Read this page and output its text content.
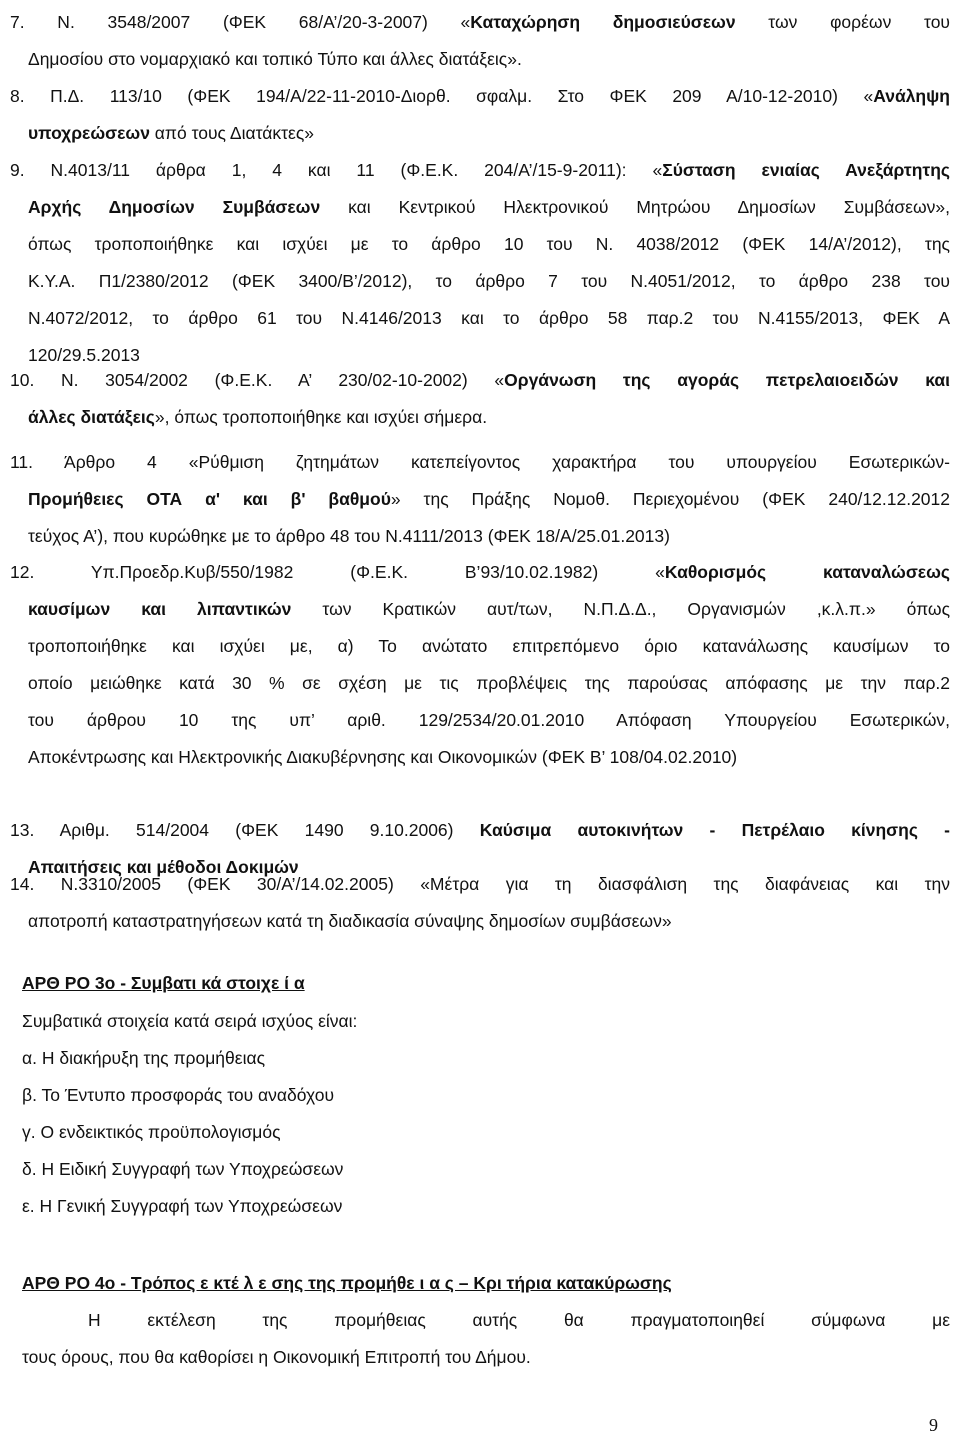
7. Ν. 3548/2007 (ΦΕΚ 68/Α’/20-3-2007) «Καταχώρηση δημοσιεύσεων των φορέων του
Δημοσίου στο νομαρχιακό και τοπικό Τύπο και άλλες διατάξεις».
8. Π.Δ. 113/10 (ΦΕΚ 194/Α/22-11-2010-Διορθ. σφαλμ. Στο ΦΕΚ 209 Α/10-12-2010) «Ανάληψη
υποχρεώσεων από τους Διατάκτες»
9. Ν.4013/11 άρθρα 1, 4 και 11 (Φ.Ε.Κ. 204/Α’/15-9-2011): «Σύσταση ενιαίας Ανεξάρτητης
Αρχής Δημοσίων Συμβάσεων και Κεντρικού Ηλεκτρονικού Μητρώου Δημοσίων Συμβάσεων»,
όπως τροποποιήθηκε και ισχύει με το άρθρο 10 του Ν. 4038/2012 (ΦΕΚ 14/Α’/2012), της
Κ.Υ.Α. Π1/2380/2012 (ΦΕΚ 3400/Β’/2012), το άρθρο 7 του Ν.4051/2012, το άρθρο 238 του
Ν.4072/2012, το άρθρο 61 του Ν.4146/2013 και το άρθρο 58 παρ.2 του Ν.4155/2013, ΦΕΚ Α
120/29.5.2013
10. Ν. 3054/2002 (Φ.Ε.Κ. Α’ 230/02-10-2002) «Οργάνωση της αγοράς πετρελαιοειδών και
άλλες διατάξεις», όπως τροποποιήθηκε και ισχύει σήμερα.
11. Άρθρο 4 «Ρύθμιση ζητημάτων κατεπείγοντος χαρακτήρα του υπουργείου Εσωτερικών-
Προμήθειες ΟΤΑ α' και β' βαθμού» της Πράξης Νομοθ. Περιεχομένου (ΦΕΚ 240/12.12.2012
τεύχος Α’), που κυρώθηκε με το άρθρο 48 του Ν.4111/2013 (ΦΕΚ 18/Α/25.01.2013)
12. Υπ.Προεδρ.Κυβ/550/1982 (Φ.Ε.Κ. Β’93/10.02.1982) «Καθορισμός καταναλώσεως
καυσίμων και λιπαντικών των Κρατικών αυτ/των, Ν.Π.Δ.Δ., Οργανισμών ,κ.λ.π.» όπως
τροποποιήθηκε και ισχύει με, α) Το ανώτατο επιτρεπόμενο όριο κατανάλωσης καυσίμων το
οποίο μειώθηκε κατά 30 % σε σχέση με τις προβλέψεις της παρούσας απόφασης με την παρ.2
του άρθρου 10 της υπ’ αριθ. 129/2534/20.01.2010 Απόφαση Υπουργείου Εσωτερικών,
Αποκέντρωσης και Ηλεκτρονικής Διακυβέρνησης και Οικονομικών (ΦΕΚ Β’ 108/04.02.2010)
13. Αριθμ. 514/2004 (ΦΕΚ 1490 9.10.2006) Καύσιμα αυτοκινήτων - Πετρέλαιο κίνησης -
Απαιτήσεις και μέθοδοι Δοκιμών
14. Ν.3310/2005 (ΦΕΚ 30/Α’/14.02.2005) «Μέτρα για τη διασφάλιση της διαφάνειας και την
αποτροπή καταστρατηγήσεων κατά τη διαδικασία σύναψης δημοσίων συμβάσεων»
ΑΡΘ ΡΟ 3ο - Συμβατι κά στοιχε ί α
Συμβατικά στοιχεία κατά σειρά ισχύος είναι:
α. Η διακήρυξη της προμήθειας
β. Το Έντυπο προσφοράς του αναδόχου
γ. Ο ενδεικτικός προϋπολογισμός
δ. Η Ειδική Συγγραφή των Υποχρεώσεων
ε. Η Γενική Συγγραφή των Υποχρεώσεων
ΑΡΘ ΡΟ 4ο - Τρόπος ε κτέ λ ε σης της προμήθε ι α ς – Κρι τήρια κατακύρωσης
Η εκτέλεση της προμήθειας αυτής θα πραγματοποιηθεί σύμφωνα με
τους όρους, που θα καθορίσει η Οικονομική Επιτροπή του Δήμου.
9
